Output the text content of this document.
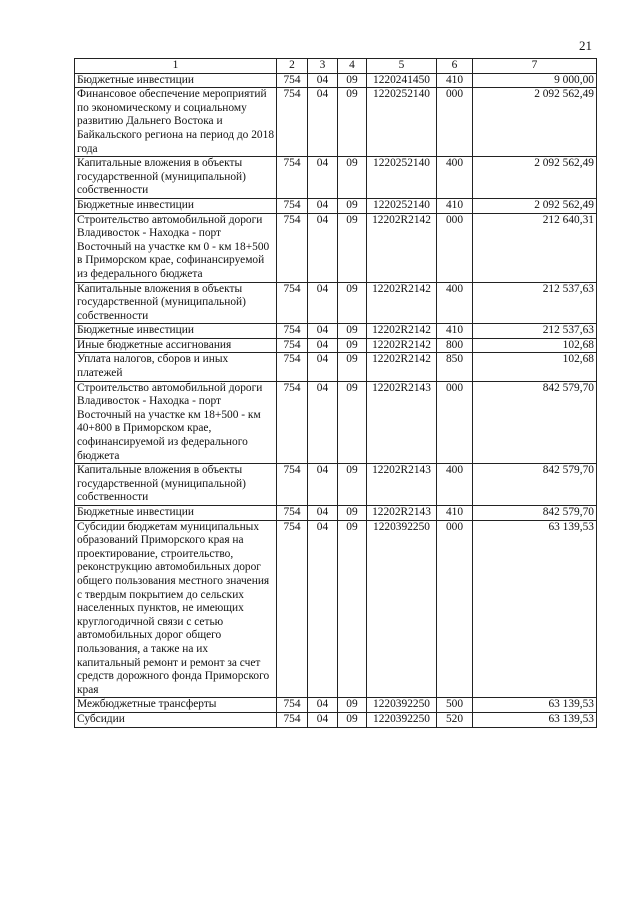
21
1	2	3	4	5	6	7
Бюджетные инвестиции	754	04	09	1220241450	410	9 000,00
Финансовое обеспечение мероприятий по экономическому и социальному развитию Дальнего Востока и Байкальского региона на период до 2018 года	754	04	09	1220252140	000	2 092 562,49
Капитальные вложения в объекты государственной (муниципальной) собственности	754	04	09	1220252140	400	2 092 562,49
Бюджетные инвестиции	754	04	09	1220252140	410	2 092 562,49
Строительство автомобильной дороги Владивосток - Находка - порт Восточный на участке км 0 - км 18+500 в Приморском крае, софинансируемой из федерального бюджета	754	04	09	12202R2142	000	212 640,31
Капитальные вложения в объекты государственной (муниципальной) собственности	754	04	09	12202R2142	400	212 537,63
Бюджетные инвестиции	754	04	09	12202R2142	410	212 537,63
Иные бюджетные ассигнования	754	04	09	12202R2142	800	102,68
Уплата налогов, сборов и иных платежей	754	04	09	12202R2142	850	102,68
Строительство автомобильной дороги Владивосток - Находка - порт Восточный на участке км 18+500 - км 40+800 в Приморском крае, софинансируемой из федерального бюджета	754	04	09	12202R2143	000	842 579,70
Капитальные вложения в объекты государственной (муниципальной) собственности	754	04	09	12202R2143	400	842 579,70
Бюджетные инвестиции	754	04	09	12202R2143	410	842 579,70
Субсидии бюджетам муниципальных образований Приморского края на проектирование, строительство, реконструкцию автомобильных дорог общего пользования местного значения с твердым покрытием до сельских населенных пунктов, не имеющих круглогодичной связи с сетью автомобильных дорог общего пользования, а также на их капитальный ремонт и ремонт за счет средств дорожного фонда Приморского края	754	04	09	1220392250	000	63 139,53
Межбюджетные трансферты	754	04	09	1220392250	500	63 139,53
Субсидии	754	04	09	1220392250	520	63 139,53
